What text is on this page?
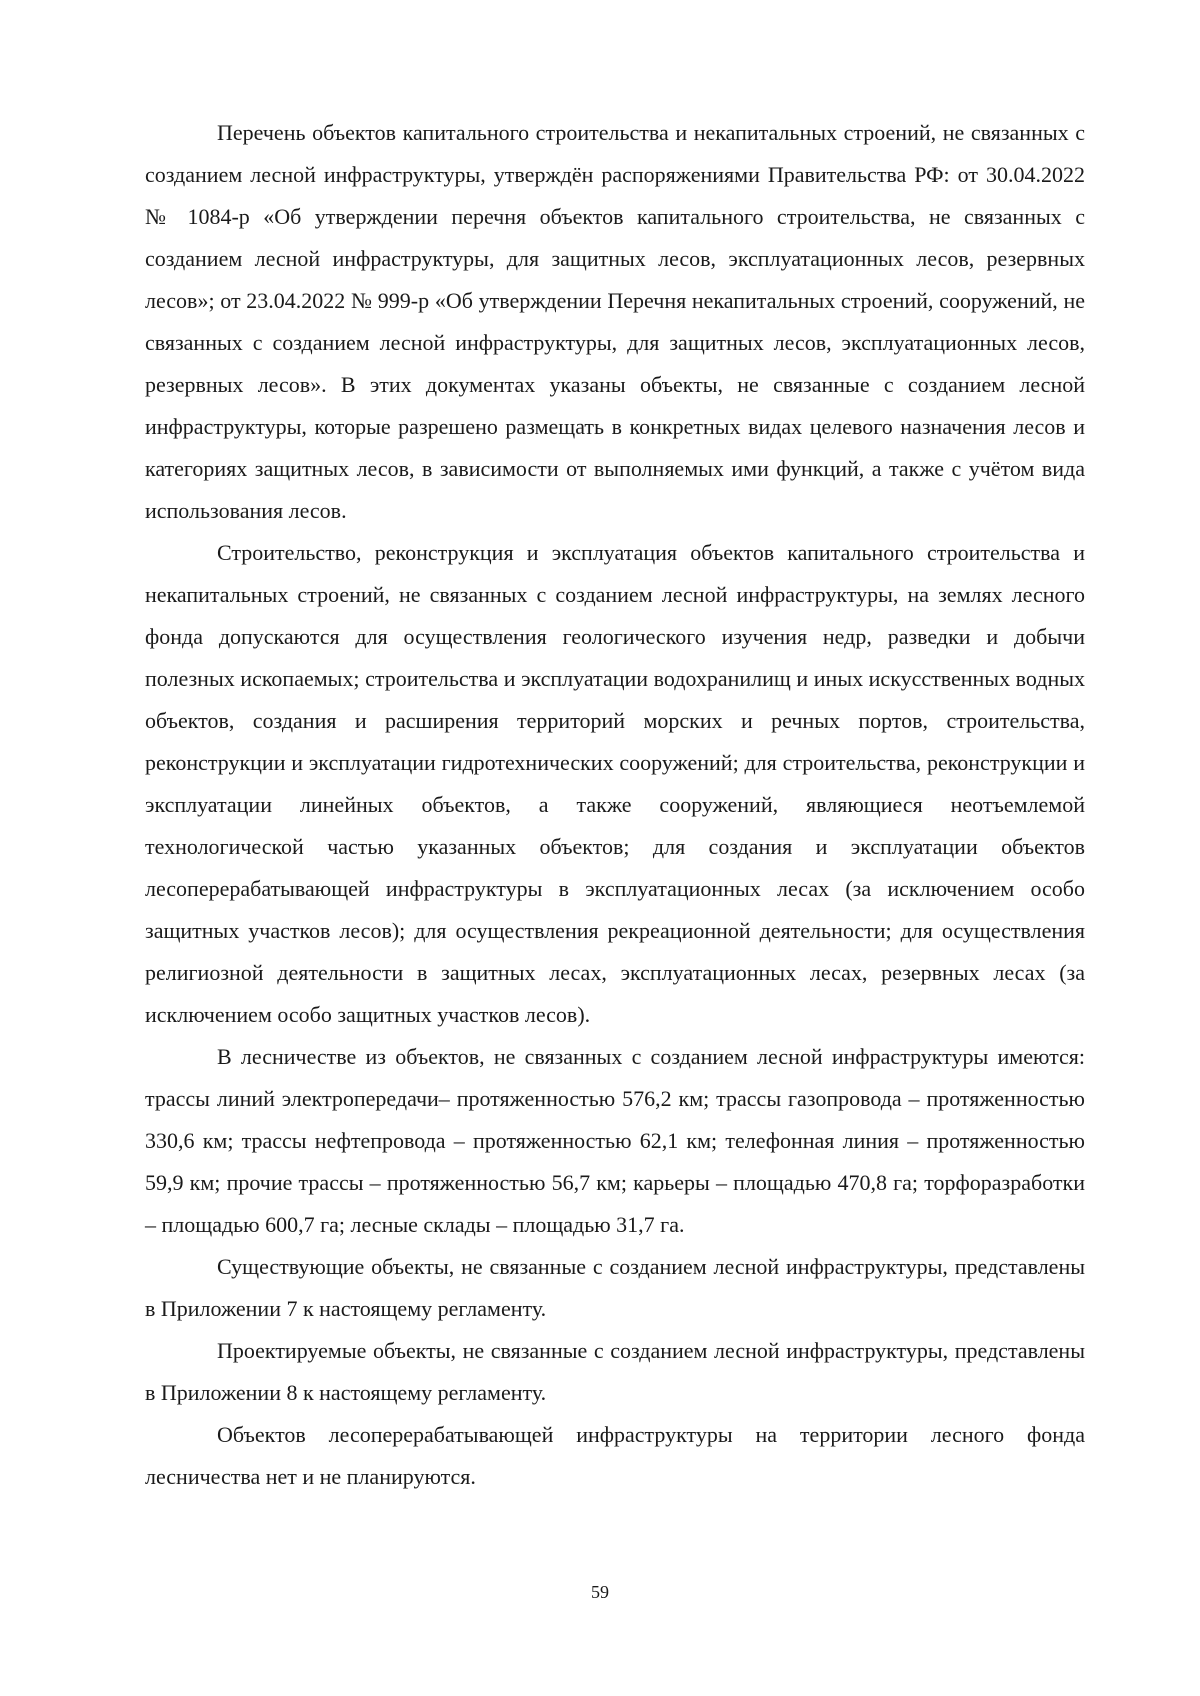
Перечень объектов капитального строительства и некапитальных строений, не связанных с созданием лесной инфраструктуры, утверждён распоряжениями Правительства РФ: от 30.04.2022 № 1084-р «Об утверждении перечня объектов капитального строительства, не связанных с созданием лесной инфраструктуры, для защитных лесов, эксплуатационных лесов, резервных лесов»; от 23.04.2022 № 999-р «Об утверждении Перечня некапитальных строений, сооружений, не связанных с созданием лесной инфраструктуры, для защитных лесов, эксплуатационных лесов, резервных лесов». В этих документах указаны объекты, не связанные с созданием лесной инфраструктуры, которые разрешено размещать в конкретных видах целевого назначения лесов и категориях защитных лесов, в зависимости от выполняемых ими функций, а также с учётом вида использования лесов.

Строительство, реконструкция и эксплуатация объектов капитального строительства и некапитальных строений, не связанных с созданием лесной инфраструктуры, на землях лесного фонда допускаются для осуществления геологического изучения недр, разведки и добычи полезных ископаемых; строительства и эксплуатации водохранилищ и иных искусственных водных объектов, создания и расширения территорий морских и речных портов, строительства, реконструкции и эксплуатации гидротехнических сооружений; для строительства, реконструкции и эксплуатации линейных объектов, а также сооружений, являющиеся неотъемлемой технологической частью указанных объектов; для создания и эксплуатации объектов лесоперерабатывающей инфраструктуры в эксплуатационных лесах (за исключением особо защитных участков лесов); для осуществления рекреационной деятельности; для осуществления религиозной деятельности в защитных лесах, эксплуатационных лесах, резервных лесах (за исключением особо защитных участков лесов).

В лесничестве из объектов, не связанных с созданием лесной инфраструктуры имеются: трассы линий электропередачи– протяженностью 576,2 км; трассы газопровода – протяженностью 330,6 км; трассы нефтепровода – протяженностью 62,1 км; телефонная линия – протяженностью 59,9 км; прочие трассы – протяженностью 56,7 км; карьеры – площадью 470,8 га; торфоразработки – площадью 600,7 га; лесные склады – площадью 31,7 га.

Существующие объекты, не связанные с созданием лесной инфраструктуры, представлены в Приложении 7 к настоящему регламенту.

Проектируемые объекты, не связанные с созданием лесной инфраструктуры, представлены в Приложении 8 к настоящему регламенту.

Объектов лесоперерабатывающей инфраструктуры на территории лесного фонда лесничества нет и не планируются.

59
